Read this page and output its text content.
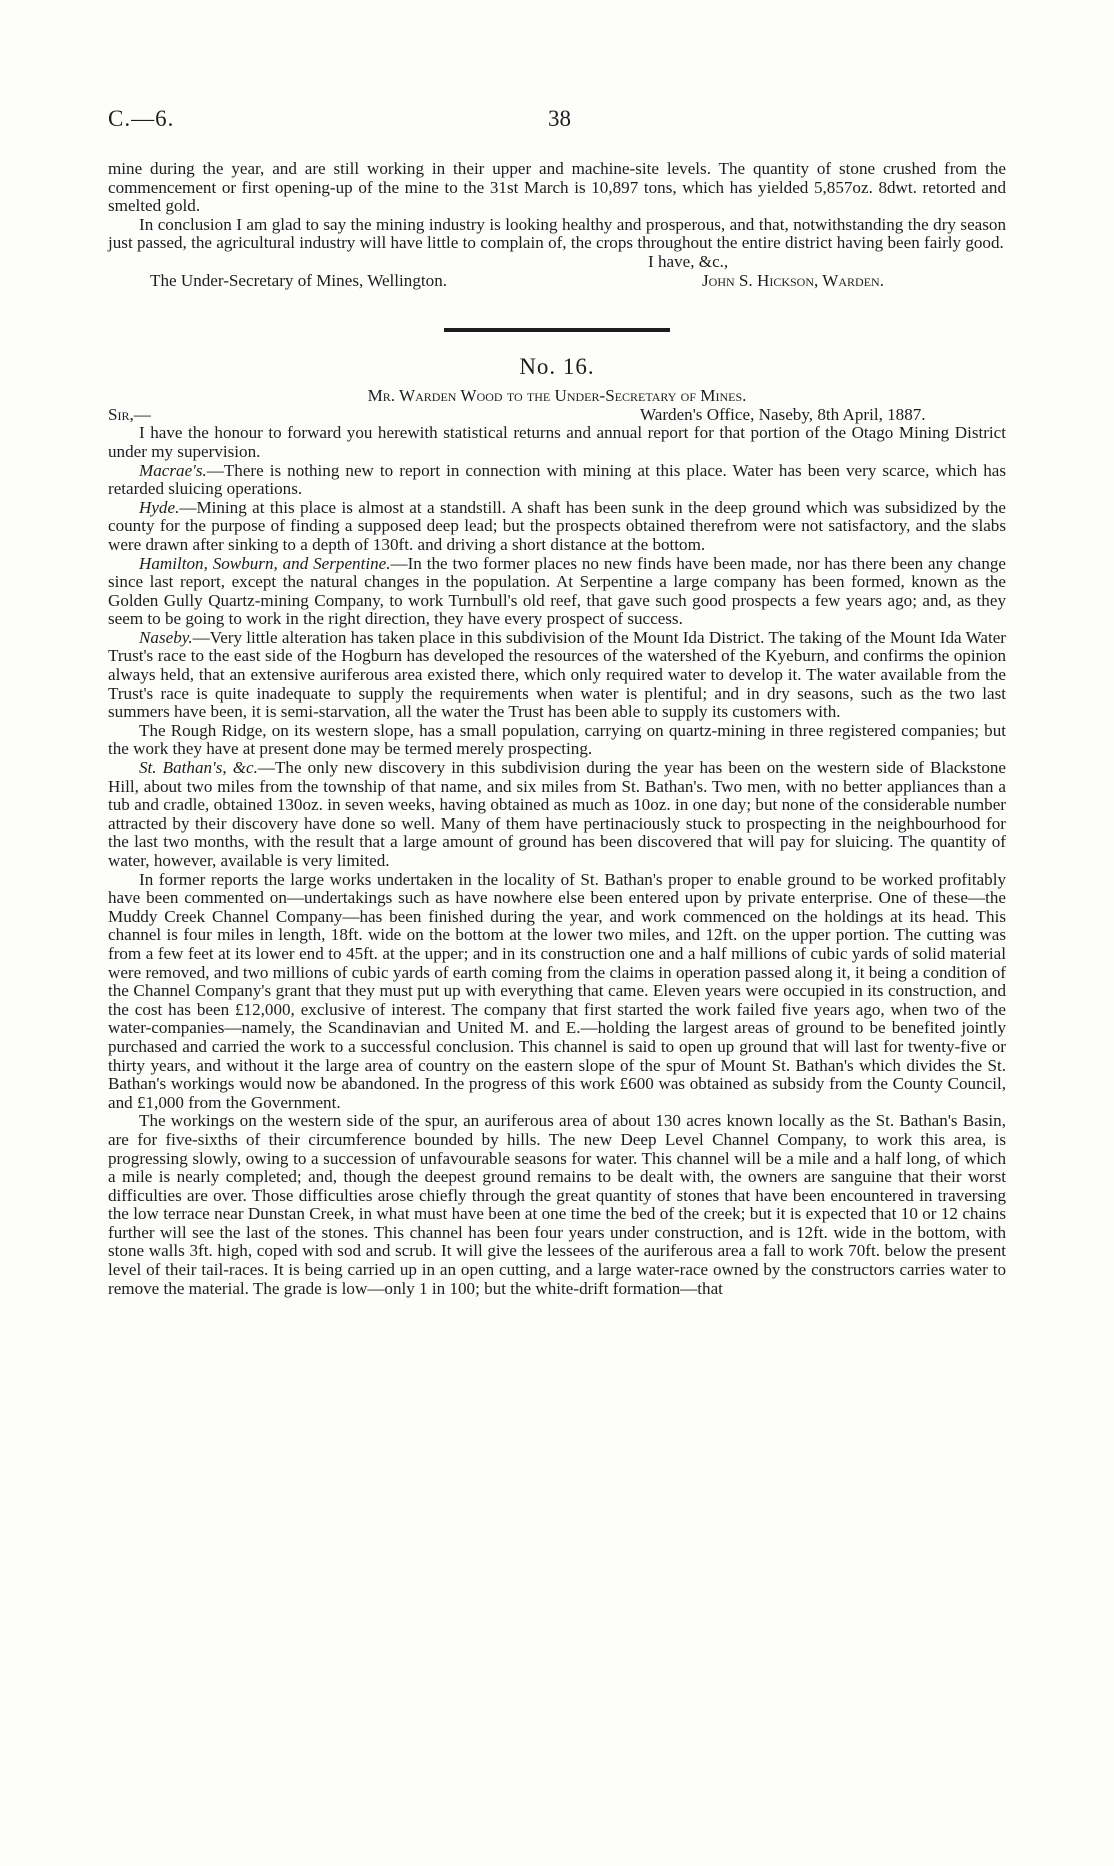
C.—6.	38

mine during the year, and are still working in their upper and machine-site levels. The quantity of stone crushed from the commencement or first opening-up of the mine to the 31st March is 10,897 tons, which has yielded 5,857oz. 8dwt. retorted and smelted gold.

In conclusion I am glad to say the mining industry is looking healthy and prosperous, and that, notwithstanding the dry season just passed, the agricultural industry will have little to complain of, the crops throughout the entire district having been fairly good.

I have, &c.,
The Under-Secretary of Mines, Wellington.	John S. Hickson, Warden.
No. 16.
Mr. Warden Wood to the Under-Secretary of Mines.
Sir,—	Warden's Office, Naseby, 8th April, 1887.

I have the honour to forward you herewith statistical returns and annual report for that portion of the Otago Mining District under my supervision.

Macrae's.—There is nothing new to report in connection with mining at this place. Water has been very scarce, which has retarded sluicing operations.

Hyde.—Mining at this place is almost at a standstill. A shaft has been sunk in the deep ground which was subsidized by the county for the purpose of finding a supposed deep lead; but the prospects obtained therefrom were not satisfactory, and the slabs were drawn after sinking to a depth of 130ft. and driving a short distance at the bottom.

Hamilton, Sowburn, and Serpentine.—In the two former places no new finds have been made, nor has there been any change since last report, except the natural changes in the population. At Serpentine a large company has been formed, known as the Golden Gully Quartz-mining Company, to work Turnbull's old reef, that gave such good prospects a few years ago; and, as they seem to be going to work in the right direction, they have every prospect of success.

Naseby.—Very little alteration has taken place in this subdivision of the Mount Ida District. The taking of the Mount Ida Water Trust's race to the east side of the Hogburn has developed the resources of the watershed of the Kyeburn, and confirms the opinion always held, that an extensive auriferous area existed there, which only required water to develop it. The water available from the Trust's race is quite inadequate to supply the requirements when water is plentiful; and in dry seasons, such as the two last summers have been, it is semi-starvation, all the water the Trust has been able to supply its customers with.

The Rough Ridge, on its western slope, has a small population, carrying on quartz-mining in three registered companies; but the work they have at present done may be termed merely prospecting.

St. Bathan's, &c.—The only new discovery in this subdivision during the year has been on the western side of Blackstone Hill, about two miles from the township of that name, and six miles from St. Bathan's. Two men, with no better appliances than a tub and cradle, obtained 130oz. in seven weeks, having obtained as much as 10oz. in one day; but none of the considerable number attracted by their discovery have done so well. Many of them have pertinaciously stuck to prospecting in the neighbourhood for the last two months, with the result that a large amount of ground has been discovered that will pay for sluicing. The quantity of water, however, available is very limited.

In former reports the large works undertaken in the locality of St. Bathan's proper to enable ground to be worked profitably have been commented on—undertakings such as have nowhere else been entered upon by private enterprise. One of these—the Muddy Creek Channel Company—has been finished during the year, and work commenced on the holdings at its head. This channel is four miles in length, 18ft. wide on the bottom at the lower two miles, and 12ft. on the upper portion. The cutting was from a few feet at its lower end to 45ft. at the upper; and in its construction one and a half millions of cubic yards of solid material were removed, and two millions of cubic yards of earth coming from the claims in operation passed along it, it being a condition of the Channel Company's grant that they must put up with everything that came. Eleven years were occupied in its construction, and the cost has been £12,000, exclusive of interest. The company that first started the work failed five years ago, when two of the water-companies—namely, the Scandinavian and United M. and E.—holding the largest areas of ground to be benefited jointly purchased and carried the work to a successful conclusion. This channel is said to open up ground that will last for twenty-five or thirty years, and without it the large area of country on the eastern slope of the spur of Mount St. Bathan's which divides the St. Bathan's workings would now be abandoned. In the progress of this work £600 was obtained as subsidy from the County Council, and £1,000 from the Government.

The workings on the western side of the spur, an auriferous area of about 130 acres known locally as the St. Bathan's Basin, are for five-sixths of their circumference bounded by hills. The new Deep Level Channel Company, to work this area, is progressing slowly, owing to a succession of unfavourable seasons for water. This channel will be a mile and a half long, of which a mile is nearly completed; and, though the deepest ground remains to be dealt with, the owners are sanguine that their worst difficulties are over. Those difficulties arose chiefly through the great quantity of stones that have been encountered in traversing the low terrace near Dunstan Creek, in what must have been at one time the bed of the creek; but it is expected that 10 or 12 chains further will see the last of the stones. This channel has been four years under construction, and is 12ft. wide in the bottom, with stone walls 3ft. high, coped with sod and scrub. It will give the lessees of the auriferous area a fall to work 70ft. below the present level of their tail-races. It is being carried up in an open cutting, and a large water-race owned by the constructors carries water to remove the material. The grade is low—only 1 in 100; but the white-drift formation—that
